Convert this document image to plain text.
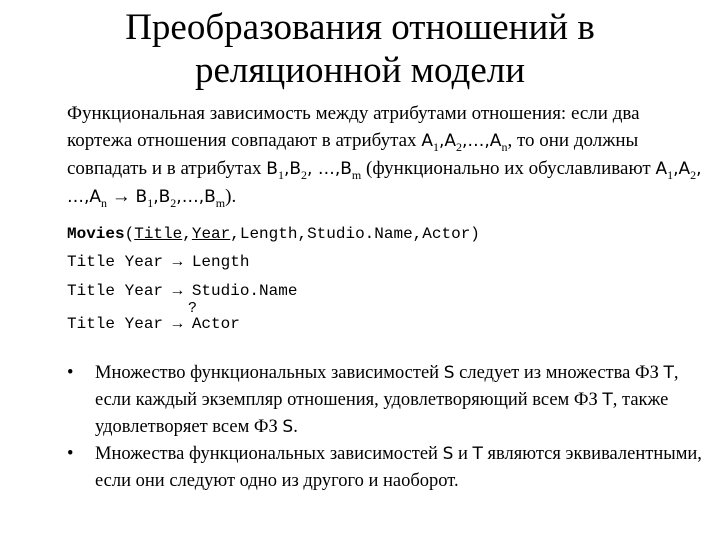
Преобразования отношений в
реляционной модели
Функциональная зависимость между атрибутами отношения: если два кортежа отношения совпадают в атрибутах $A_1,A_2,\dots,A_n$, то они должны совпадать и в атрибутах $B_1,B_2$, $\dots,B_m$ (функционально их обуславливают $A_1,A_2$, $\dots,A_n$ → $B_1,B_2,\dots,B_m$).
Movies(Title,Year,Length,Studio.Name,Actor)
Title Year → Length
Title Year → Studio.Name
?
Title Year → Actor
• Множество функциональных зависимостей S следует из множества ФЗ T, если каждый экземпляр отношения, удовлетворяющий всем ФЗ T, также удовлетворяет всем ФЗ S.
• Множества функциональных зависимостей S и T являются эквивалентными, если они следуют одно из другого и наоборот.
